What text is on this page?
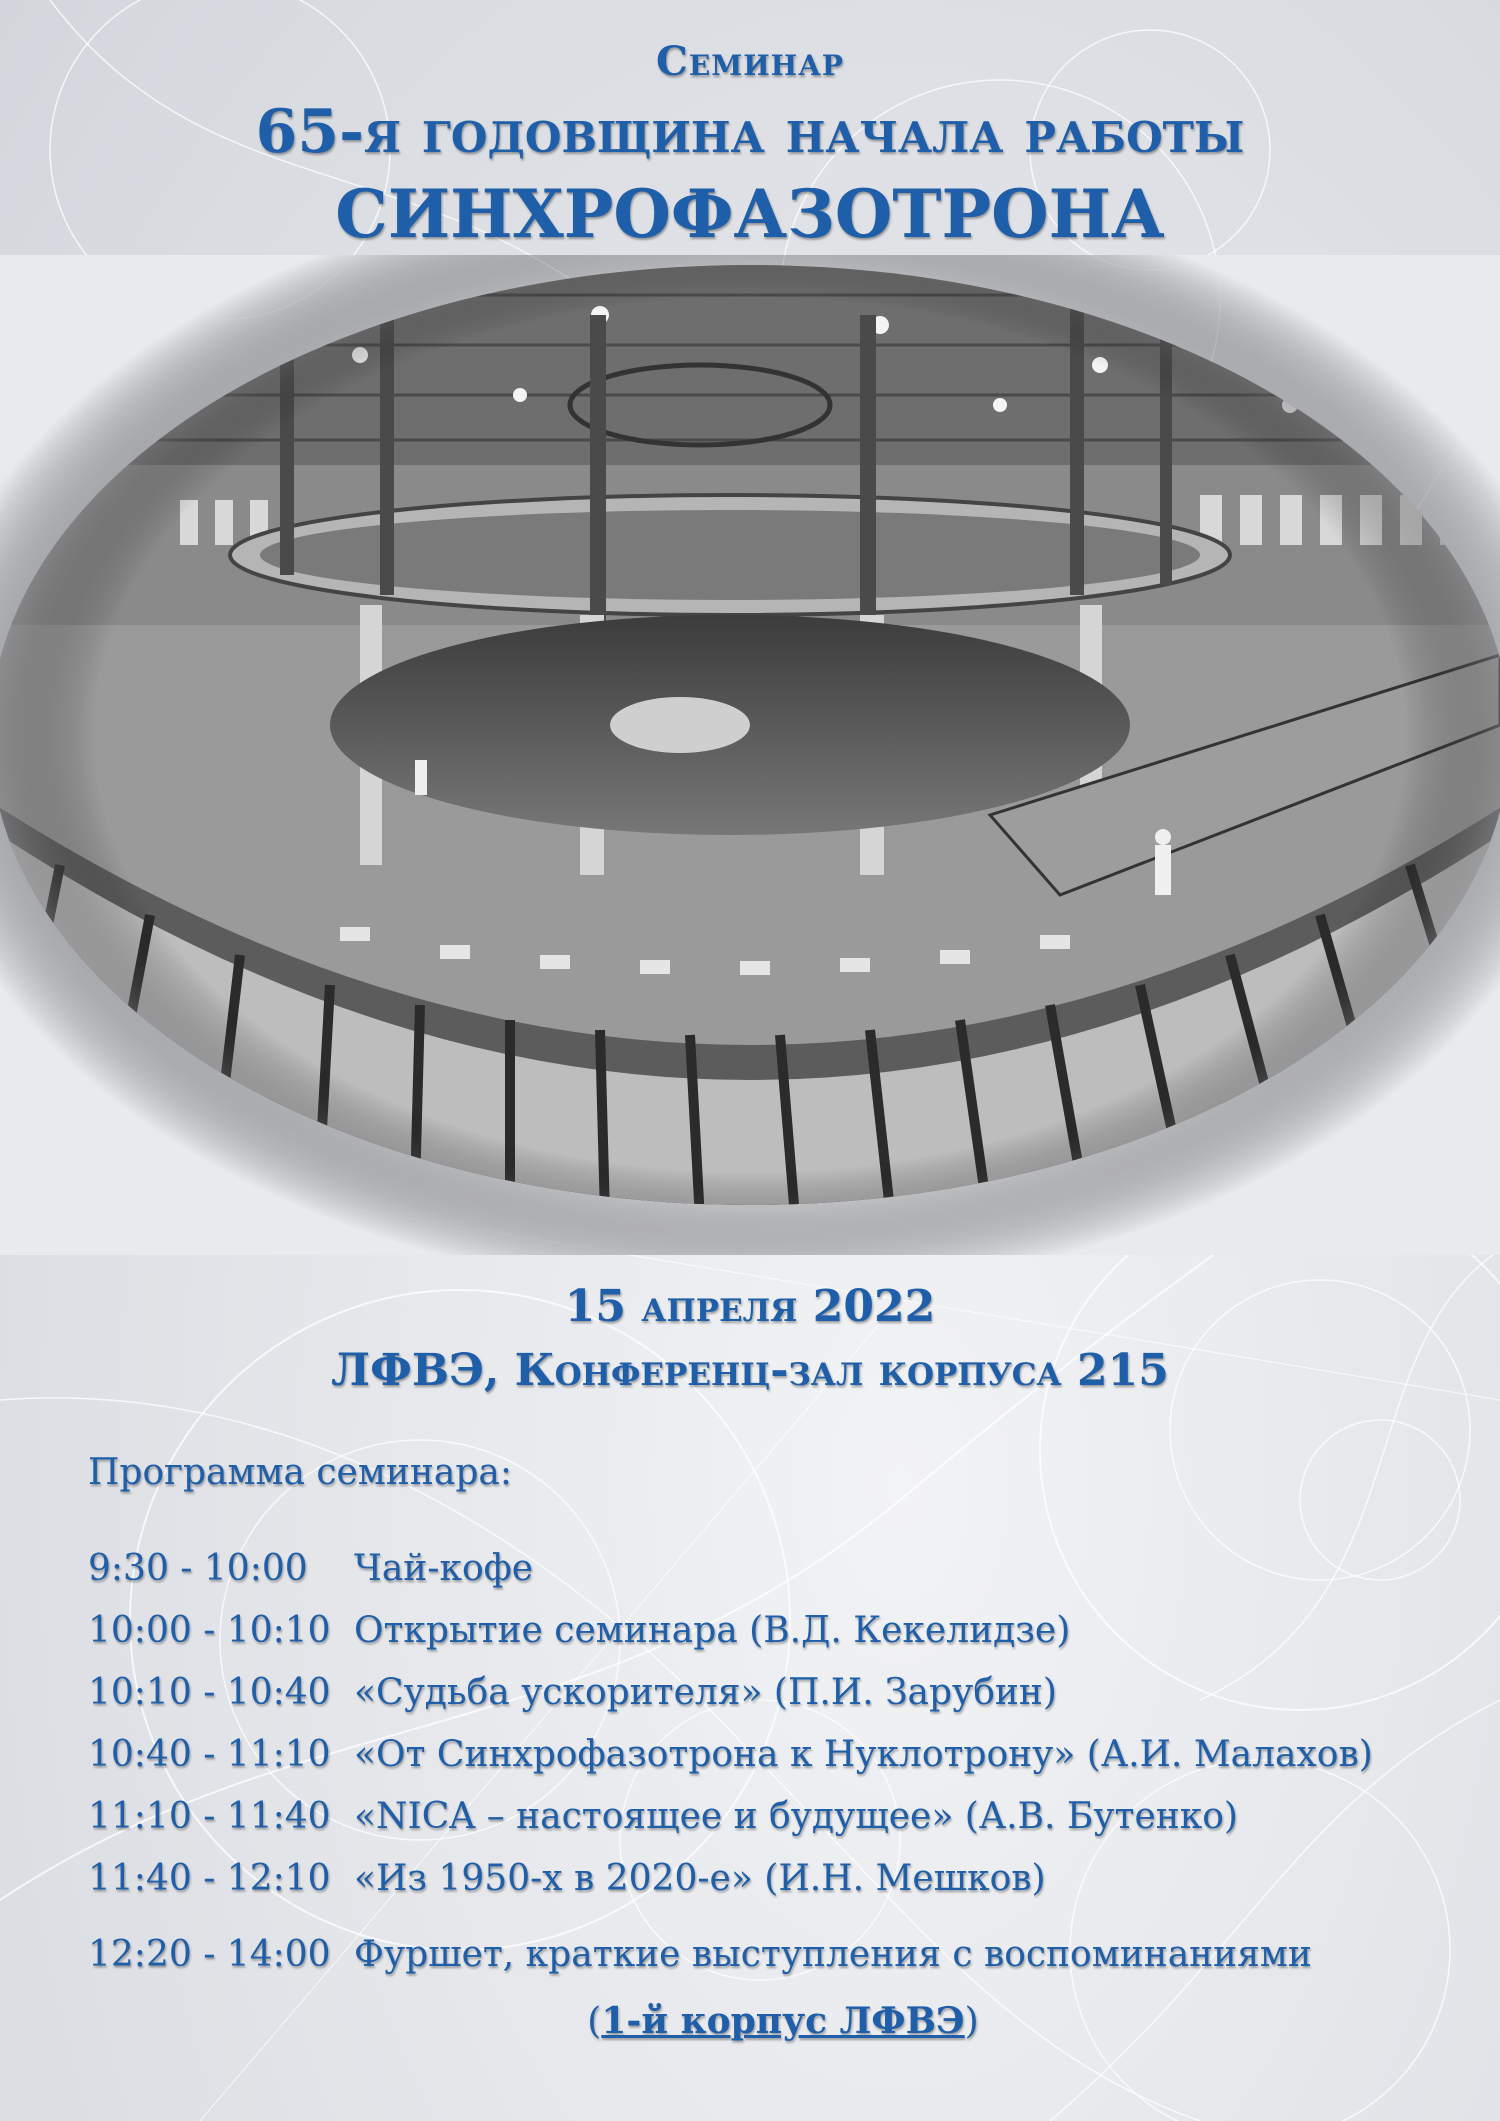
Семинар
65-я годовщина начала работы
СИНХРОФАЗОТРОНА
15 апреля 2022
ЛФВЭ, Конференц-зал корпуса 215
Программа семинара:
9:30 - 10:00	Чай-кофе
10:00 - 10:10 Открытие семинара (В.Д. Кекелидзе)
10:10 - 10:40 «Судьба ускорителя» (П.И. Зарубин)
10:40 - 11:10 «От Синхрофазотрона к Нуклотрону» (А.И. Малахов)
11:10 - 11:40 «NICA – настоящее и будущее» (А.В. Бутенко)
11:40 - 12:10 «Из 1950-х в 2020-е» (И.Н. Мешков)
12:20 - 14:00 Фуршет, краткие выступления с воспоминаниями
(1-й корпус ЛФВЭ)
